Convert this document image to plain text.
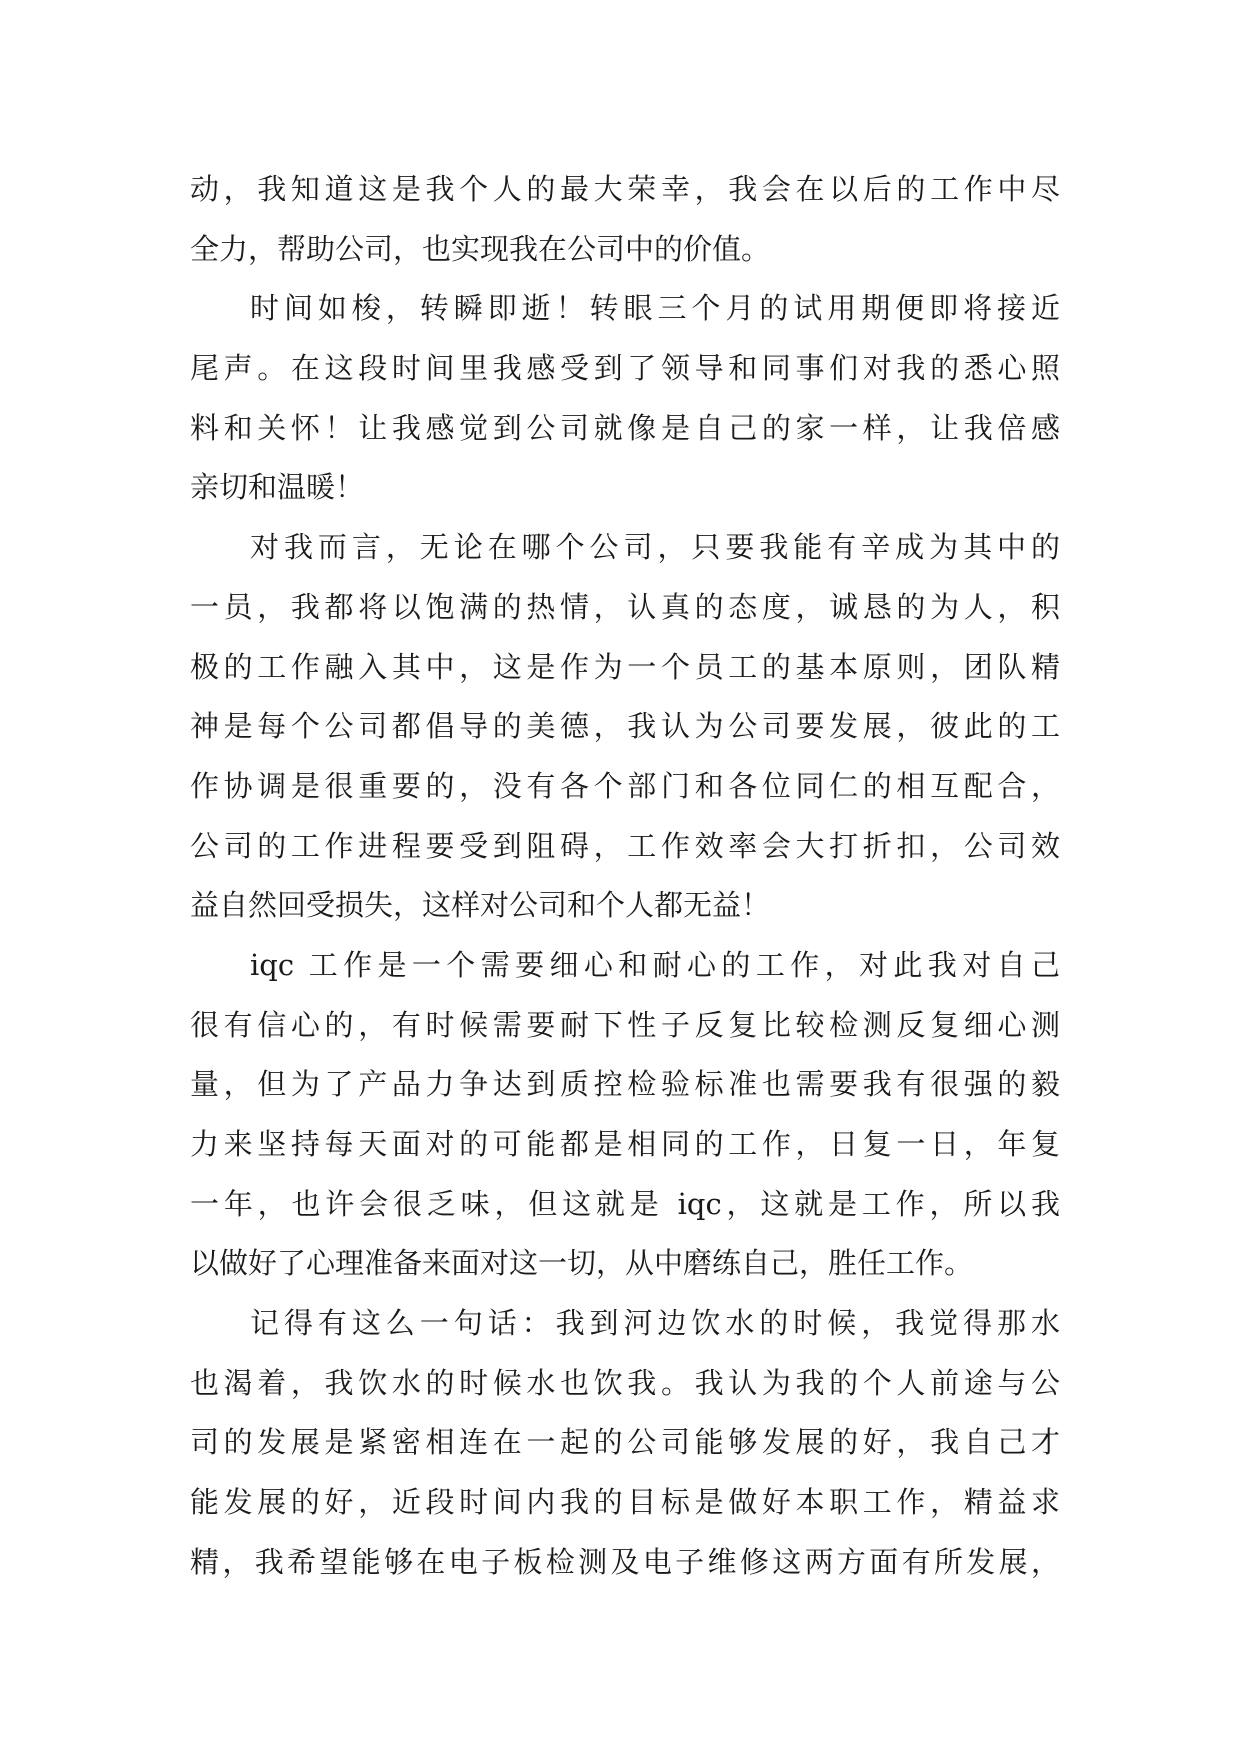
动，我知道这是我个人的最大荣幸，我会在以后的工作中尽
全力，帮助公司，也实现我在公司中的价值。
时间如梭，转瞬即逝！转眼三个月的试用期便即将接近
尾声。在这段时间里我感受到了领导和同事们对我的悉心照
料和关怀！让我感觉到公司就像是自己的家一样，让我倍感
亲切和温暖！
对我而言，无论在哪个公司，只要我能有辛成为其中的
一员，我都将以饱满的热情，认真的态度，诚恳的为人，积
极的工作融入其中，这是作为一个员工的基本原则，团队精
神是每个公司都倡导的美德，我认为公司要发展，彼此的工
作协调是很重要的，没有各个部门和各位同仁的相互配合，
公司的工作进程要受到阻碍，工作效率会大打折扣，公司效
益自然回受损失，这样对公司和个人都无益！
iqc 工作是一个需要细心和耐心的工作，对此我对自己
很有信心的，有时候需要耐下性子反复比较检测反复细心测
量，但为了产品力争达到质控检验标准也需要我有很强的毅
力来坚持每天面对的可能都是相同的工作，日复一日，年复
一年，也许会很乏味，但这就是 iqc，这就是工作，所以我
以做好了心理准备来面对这一切，从中磨练自己，胜任工作。
记得有这么一句话：我到河边饮水的时候，我觉得那水
也渴着，我饮水的时候水也饮我。我认为我的个人前途与公
司的发展是紧密相连在一起的公司能够发展的好，我自己才
能发展的好，近段时间内我的目标是做好本职工作，精益求
精，我希望能够在电子板检测及电子维修这两方面有所发展，
